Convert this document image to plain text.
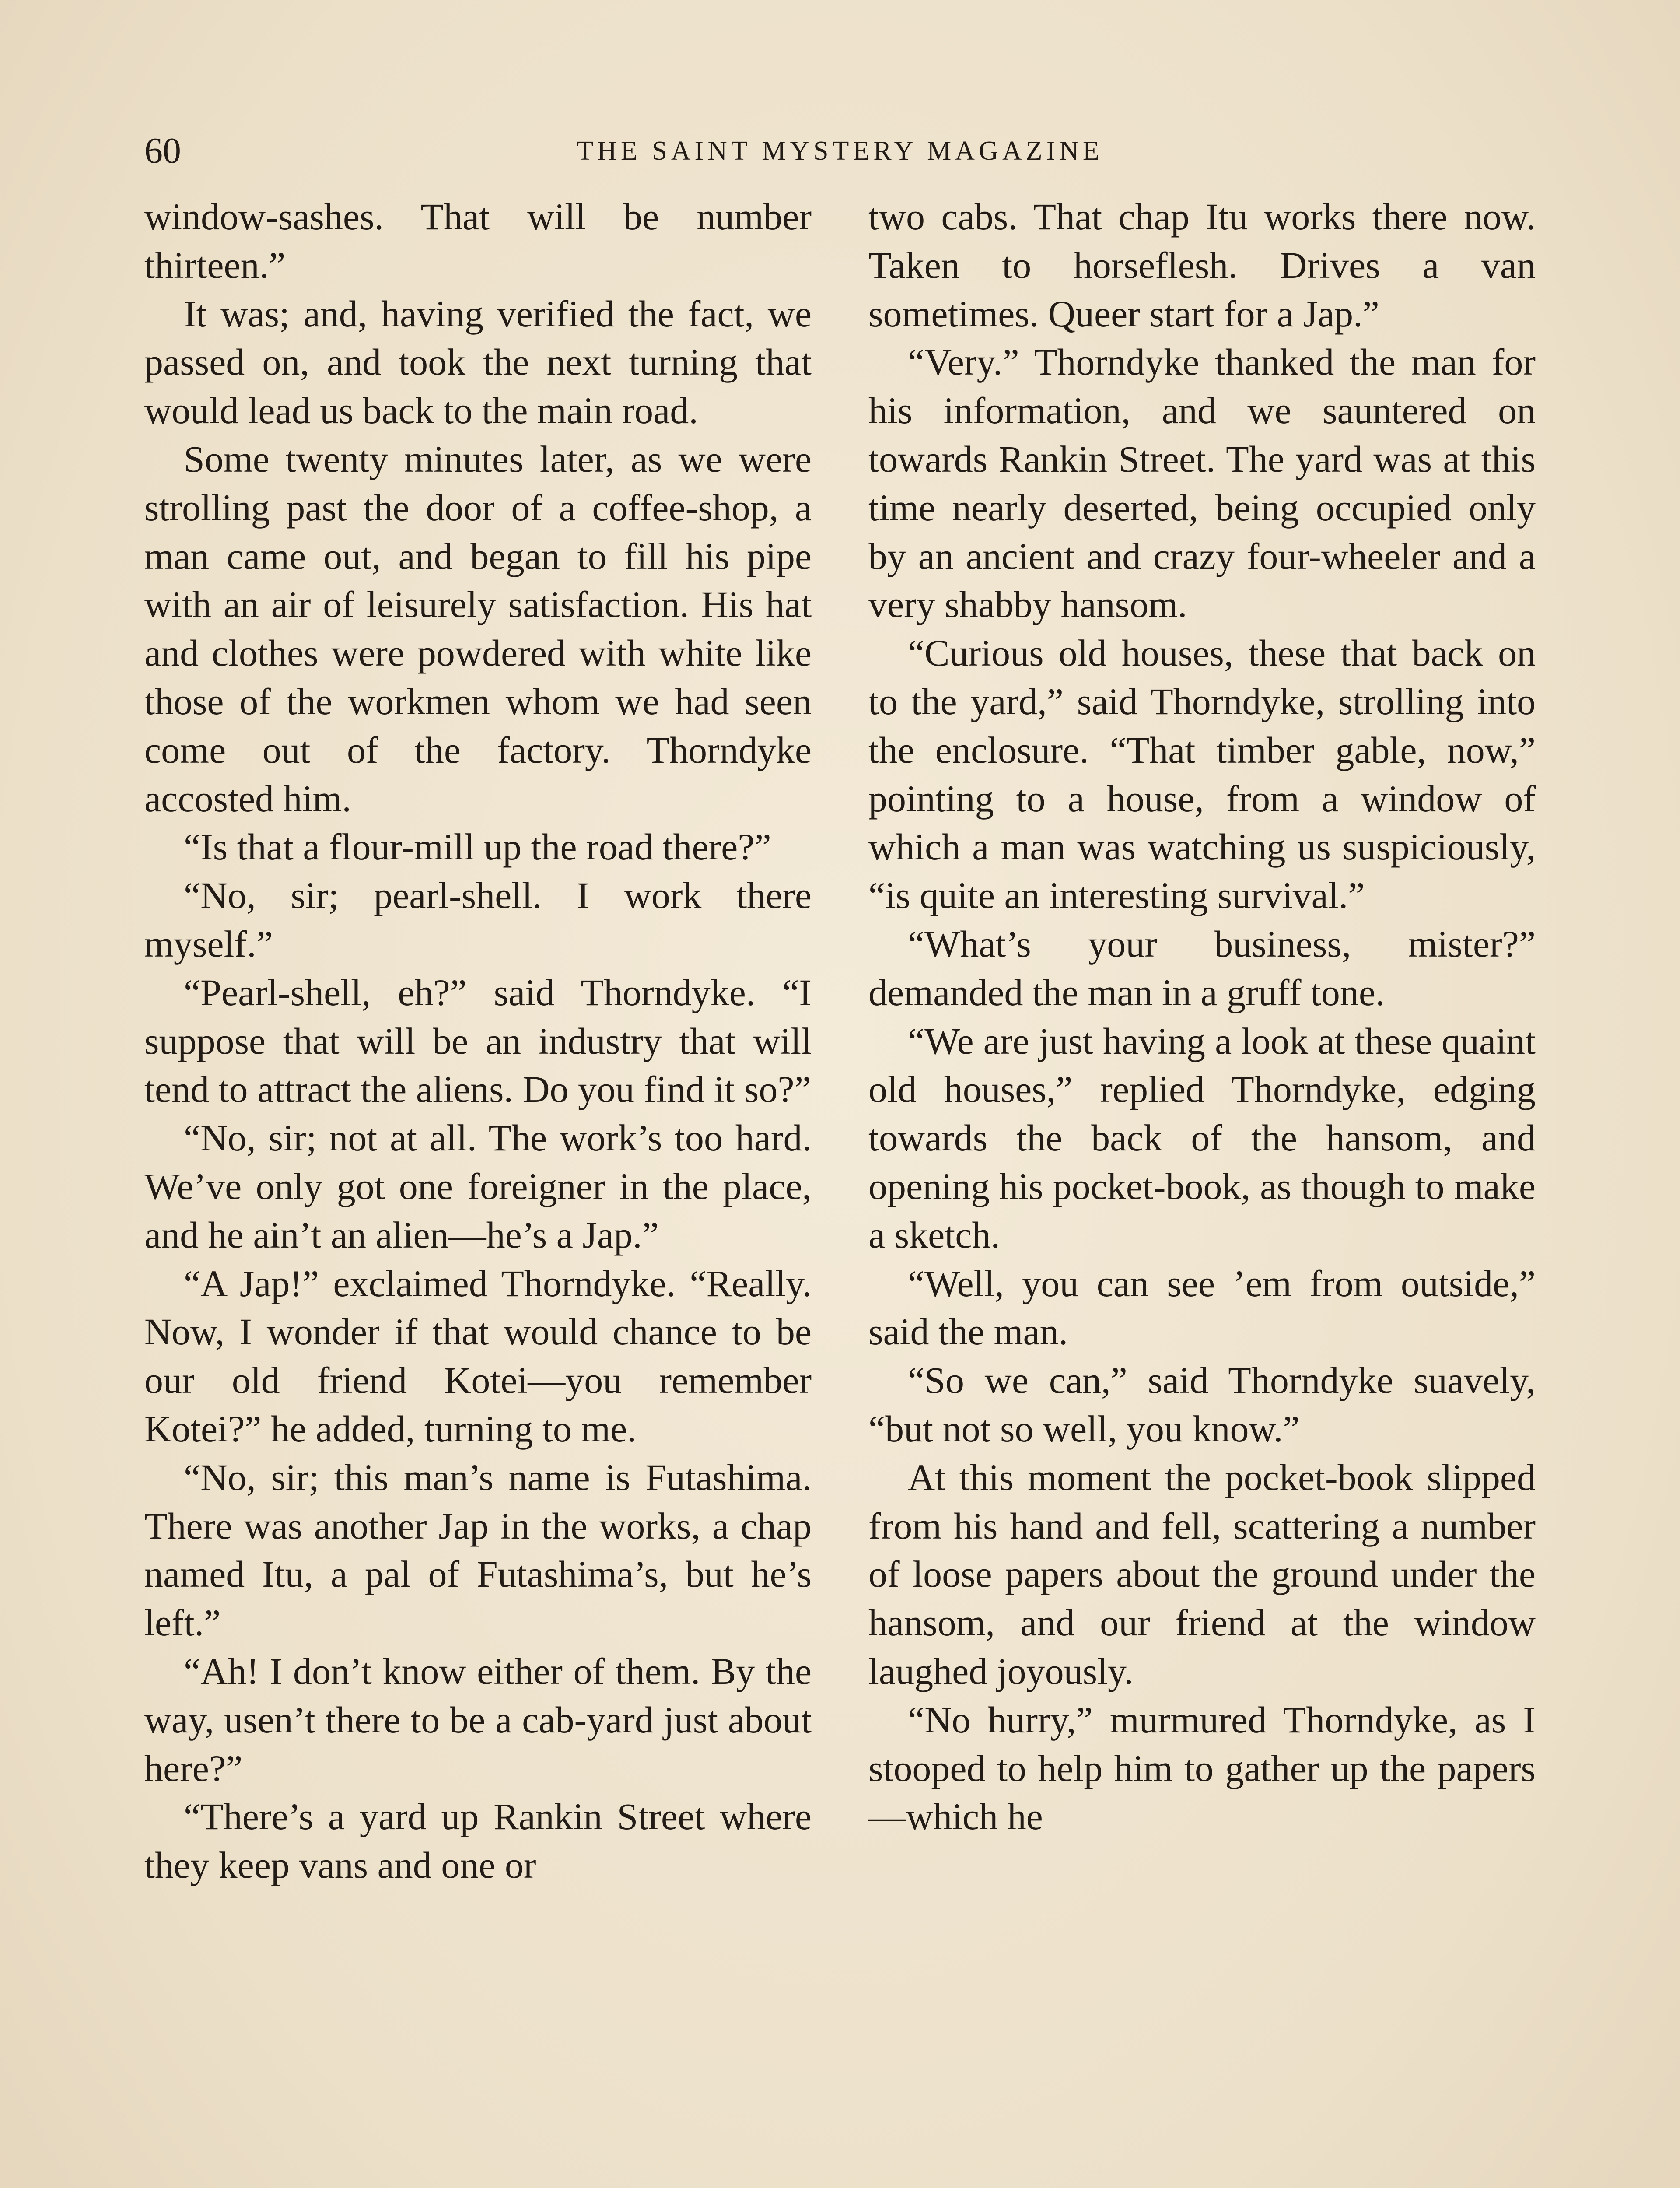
60	THE SAINT MYSTERY MAGAZINE

window-sashes. That will be number thirteen.”

It was; and, having verified the fact, we passed on, and took the next turning that would lead us back to the main road.

Some twenty minutes later, as we were strolling past the door of a coffee-shop, a man came out, and began to fill his pipe with an air of leisurely satisfaction. His hat and clothes were powdered with white like those of the workmen whom we had seen come out of the factory. Thorndyke accosted him.

“Is that a flour-mill up the road there?”

“No, sir; pearl-shell. I work there myself.”

“Pearl-shell, eh?” said Thorndyke. “I suppose that will be an industry that will tend to attract the aliens. Do you find it so?”

“No, sir; not at all. The work’s too hard. We’ve only got one foreigner in the place, and he ain’t an alien—he’s a Jap.”

“A Jap!” exclaimed Thorndyke. “Really. Now, I wonder if that would chance to be our old friend Kotei—you remember Kotei?” he added, turning to me.

“No, sir; this man’s name is Futashima. There was another Jap in the works, a chap named Itu, a pal of Futashima’s, but he’s left.”

“Ah! I don’t know either of them. By the way, usen’t there to be a cab-yard just about here?”

“There’s a yard up Rankin Street where they keep vans and one or

two cabs. That chap Itu works there now. Taken to horseflesh. Drives a van sometimes. Queer start for a Jap.”

“Very.” Thorndyke thanked the man for his information, and we sauntered on towards Rankin Street. The yard was at this time nearly deserted, being occupied only by an ancient and crazy four-wheeler and a very shabby hansom.

“Curious old houses, these that back on to the yard,” said Thorndyke, strolling into the enclosure. “That timber gable, now,” pointing to a house, from a window of which a man was watching us suspiciously, “is quite an interesting survival.”

“What’s your business, mister?” demanded the man in a gruff tone.

“We are just having a look at these quaint old houses,” replied Thorndyke, edging towards the back of the hansom, and opening his pocket-book, as though to make a sketch.

“Well, you can see ’em from outside,” said the man.

“So we can,” said Thorndyke suavely, “but not so well, you know.”

At this moment the pocket-book slipped from his hand and fell, scattering a number of loose papers about the ground under the hansom, and our friend at the window laughed joyously.

“No hurry,” murmured Thorndyke, as I stooped to help him to gather up the papers—which he
